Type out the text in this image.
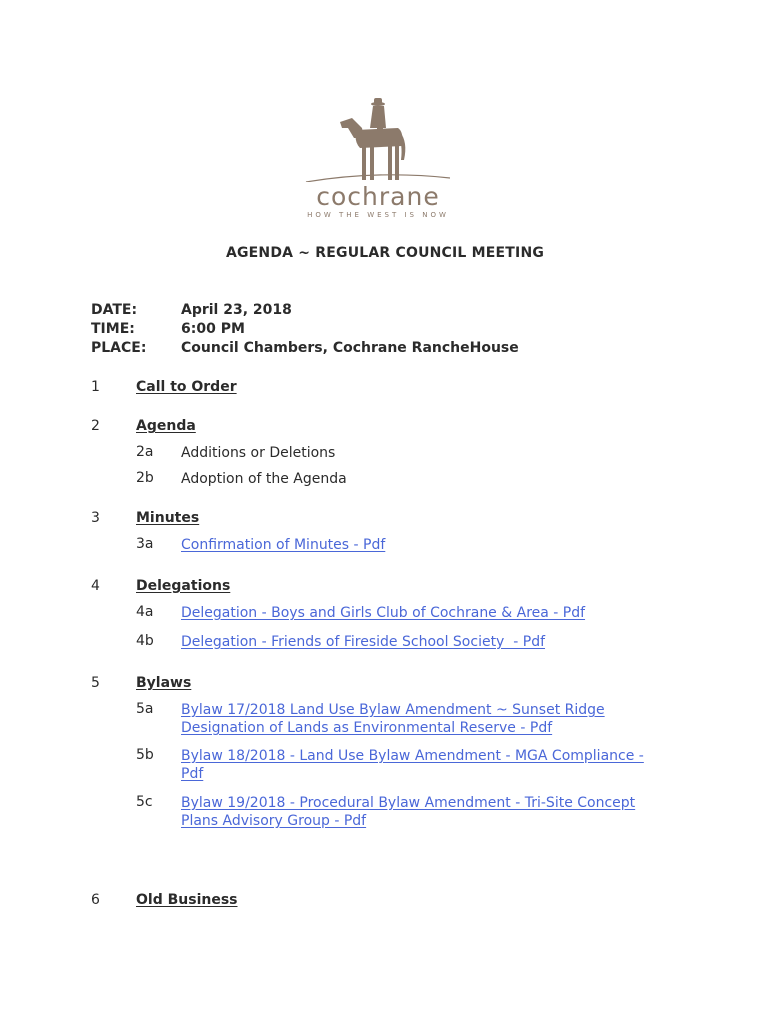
cochrane
HOW THE WEST IS NOW
AGENDA ~ REGULAR COUNCIL MEETING
DATE:	April 23, 2018
TIME:	6:00 PM
PLACE: Council Chambers, Cochrane RancheHouse
1	Call to Order
2	Agenda
2a Additions or Deletions
2b Adoption of the Agenda
3	Minutes
3a Confirmation of Minutes - Pdf
4	Delegations
4a Delegation - Boys and Girls Club of Cochrane & Area - Pdf
4b Delegation - Friends of Fireside School Society  - Pdf
5	Bylaws
5a Bylaw 17/2018 Land Use Bylaw Amendment ~ Sunset Ridge
Designation of Lands as Environmental Reserve - Pdf
5b Bylaw 18/2018 - Land Use Bylaw Amendment - MGA Compliance -
Pdf
5c Bylaw 19/2018 - Procedural Bylaw Amendment - Tri-Site Concept
Plans Advisory Group - Pdf
6	Old Business
